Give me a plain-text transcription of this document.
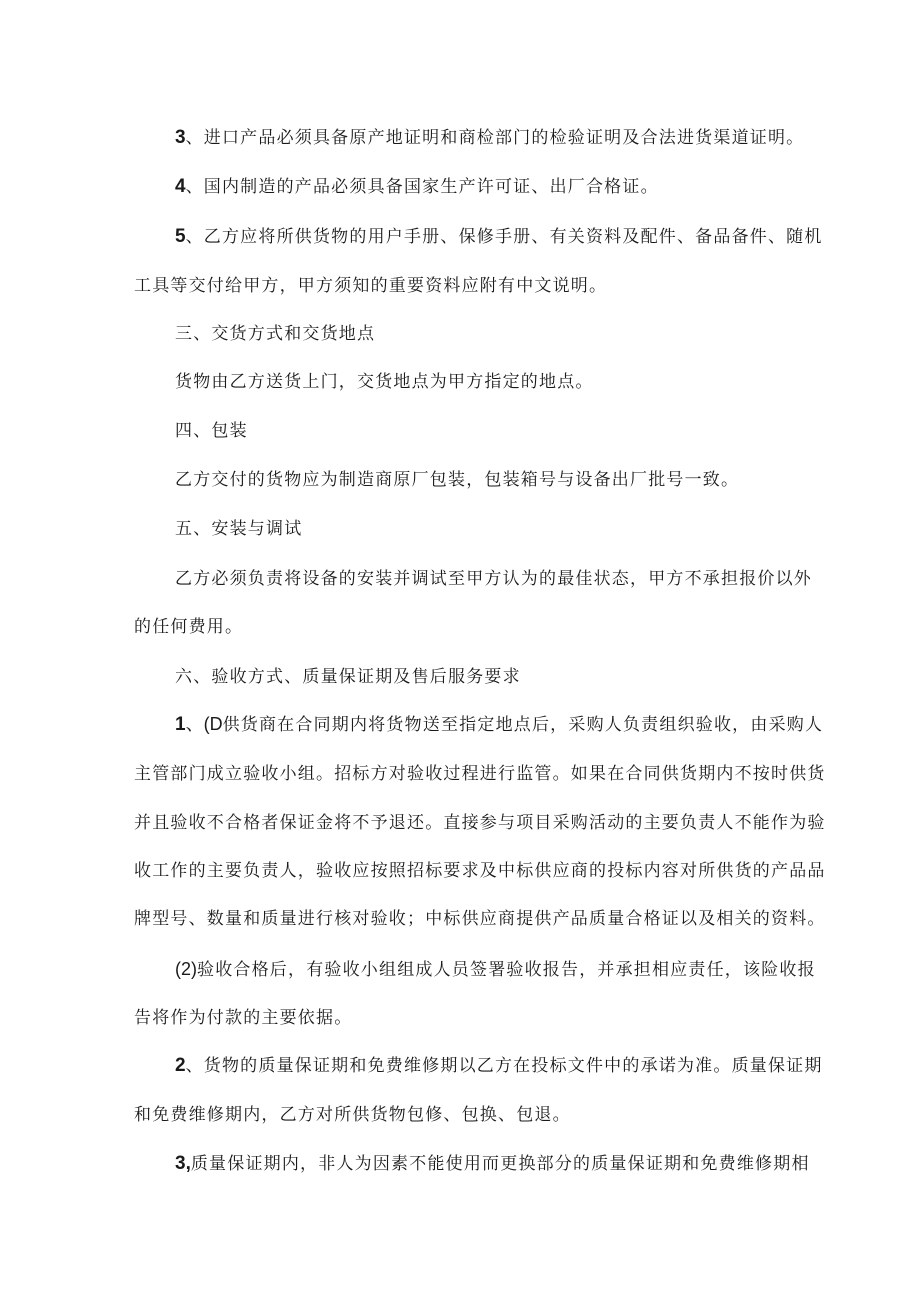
3、进口产品必须具备原产地证明和商检部门的检验证明及合法进货渠道证明。
4、国内制造的产品必须具备国家生产许可证、出厂合格证。
5、乙方应将所供货物的用户手册、保修手册、有关资料及配件、备品备件、随机
工具等交付给甲方，甲方须知的重要资料应附有中文说明。
三、交货方式和交货地点
货物由乙方送货上门，交货地点为甲方指定的地点。
四、包装
乙方交付的货物应为制造商原厂包装，包装箱号与设备出厂批号一致。
五、安装与调试
乙方必须负责将设备的安装并调试至甲方认为的最佳状态，甲方不承担报价以外
的任何费用。
六、验收方式、质量保证期及售后服务要求
1、(D供货商在合同期内将货物送至指定地点后，采购人负责组织验收，由采购人
主管部门成立验收小组。招标方对验收过程进行监管。如果在合同供货期内不按时供货
并且验收不合格者保证金将不予退还。直接参与项目采购活动的主要负责人不能作为验
收工作的主要负责人，验收应按照招标要求及中标供应商的投标内容对所供货的产品品
牌型号、数量和质量进行核对验收；中标供应商提供产品质量合格证以及相关的资料。
(2)验收合格后，有验收小组组成人员签署验收报告，并承担相应责任，该险收报
告将作为付款的主要依据。
2、货物的质量保证期和免费维修期以乙方在投标文件中的承诺为准。质量保证期
和免费维修期内，乙方对所供货物包修、包换、包退。
3,质量保证期内，非人为因素不能使用而更换部分的质量保证期和免费维修期相
